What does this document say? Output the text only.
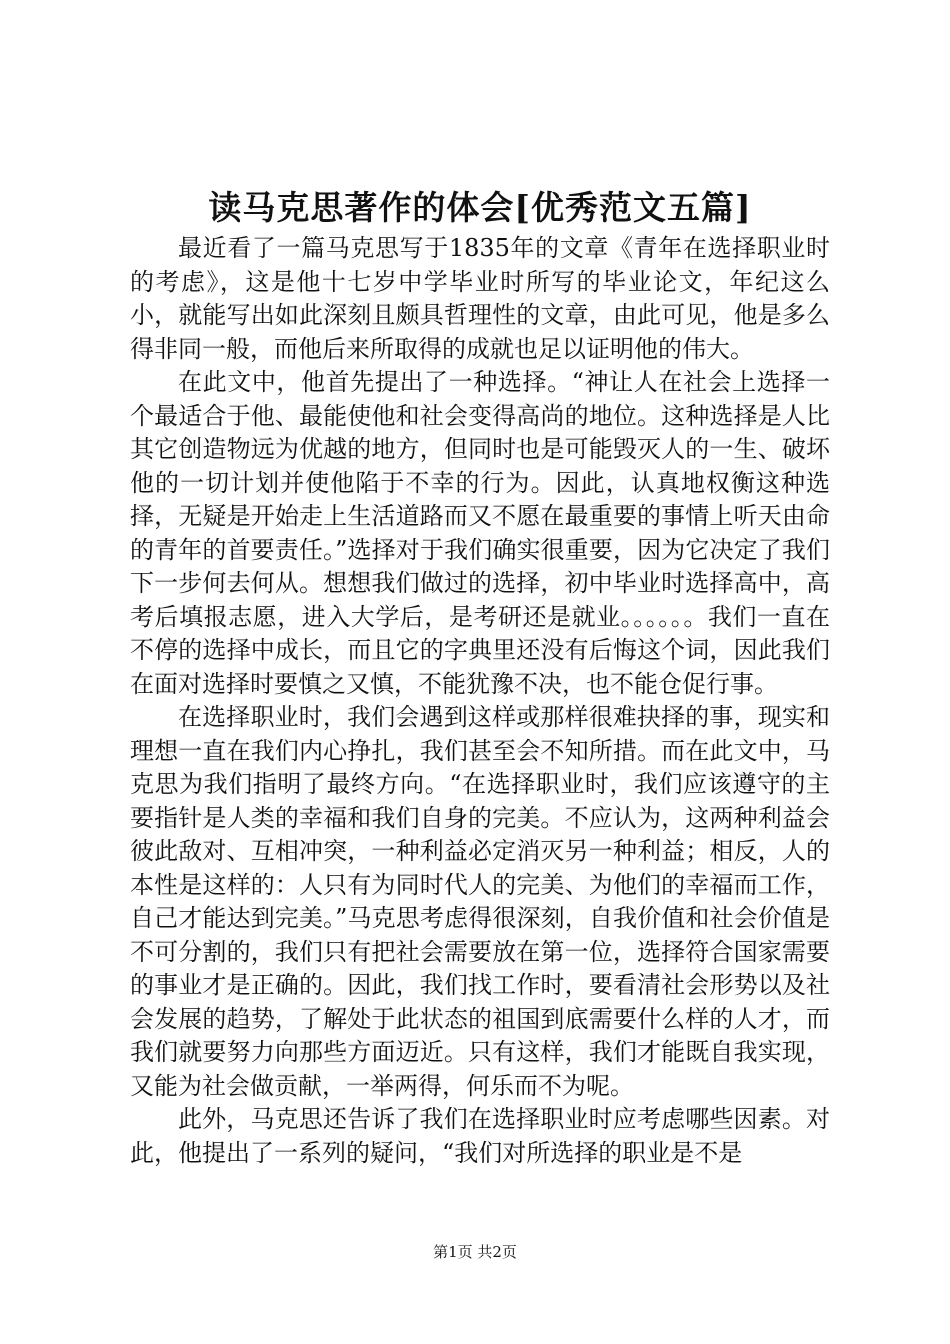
读马克思著作的体会[优秀范文五篇]

最近看了一篇马克思写于1835年的文章《青年在选择职业时的考虑》，这是他十七岁中学毕业时所写的毕业论文，年纪这么小，就能写出如此深刻且颇具哲理性的文章，由此可见，他是多么得非同一般，而他后来所取得的成就也足以证明他的伟大。

在此文中，他首先提出了一种选择。“神让人在社会上选择一个最适合于他、最能使他和社会变得高尚的地位。这种选择是人比其它创造物远为优越的地方，但同时也是可能毁灭人的一生、破坏他的一切计划并使他陷于不幸的行为。因此，认真地权衡这种选择，无疑是开始走上生活道路而又不愿在最重要的事情上听天由命的青年的首要责任。”选择对于我们确实很重要，因为它决定了我们下一步何去何从。想想我们做过的选择，初中毕业时选择高中，高考后填报志愿，进入大学后，是考研还是就业。。。。。。我们一直在不停的选择中成长，而且它的字典里还没有后悔这个词，因此我们在面对选择时要慎之又慎，不能犹豫不决，也不能仓促行事。

在选择职业时，我们会遇到这样或那样很难抉择的事，现实和理想一直在我们内心挣扎，我们甚至会不知所措。而在此文中，马克思为我们指明了最终方向。“在选择职业时，我们应该遵守的主要指针是人类的幸福和我们自身的完美。不应认为，这两种利益会彼此敌对、互相冲突，一种利益必定消灭另一种利益；相反，人的本性是这样的：人只有为同时代人的完美、为他们的幸福而工作，自己才能达到完美。”马克思考虑得很深刻，自我价值和社会价值是不可分割的，我们只有把社会需要放在第一位，选择符合国家需要的事业才是正确的。因此，我们找工作时，要看清社会形势以及社会发展的趋势，了解处于此状态的祖国到底需要什么样的人才，而我们就要努力向那些方面迈近。只有这样，我们才能既自我实现，又能为社会做贡献，一举两得，何乐而不为呢。

此外，马克思还告诉了我们在选择职业时应考虑哪些因素。对此，他提出了一系列的疑问，“我们对所选择的职业是不是

第1页 共2页
